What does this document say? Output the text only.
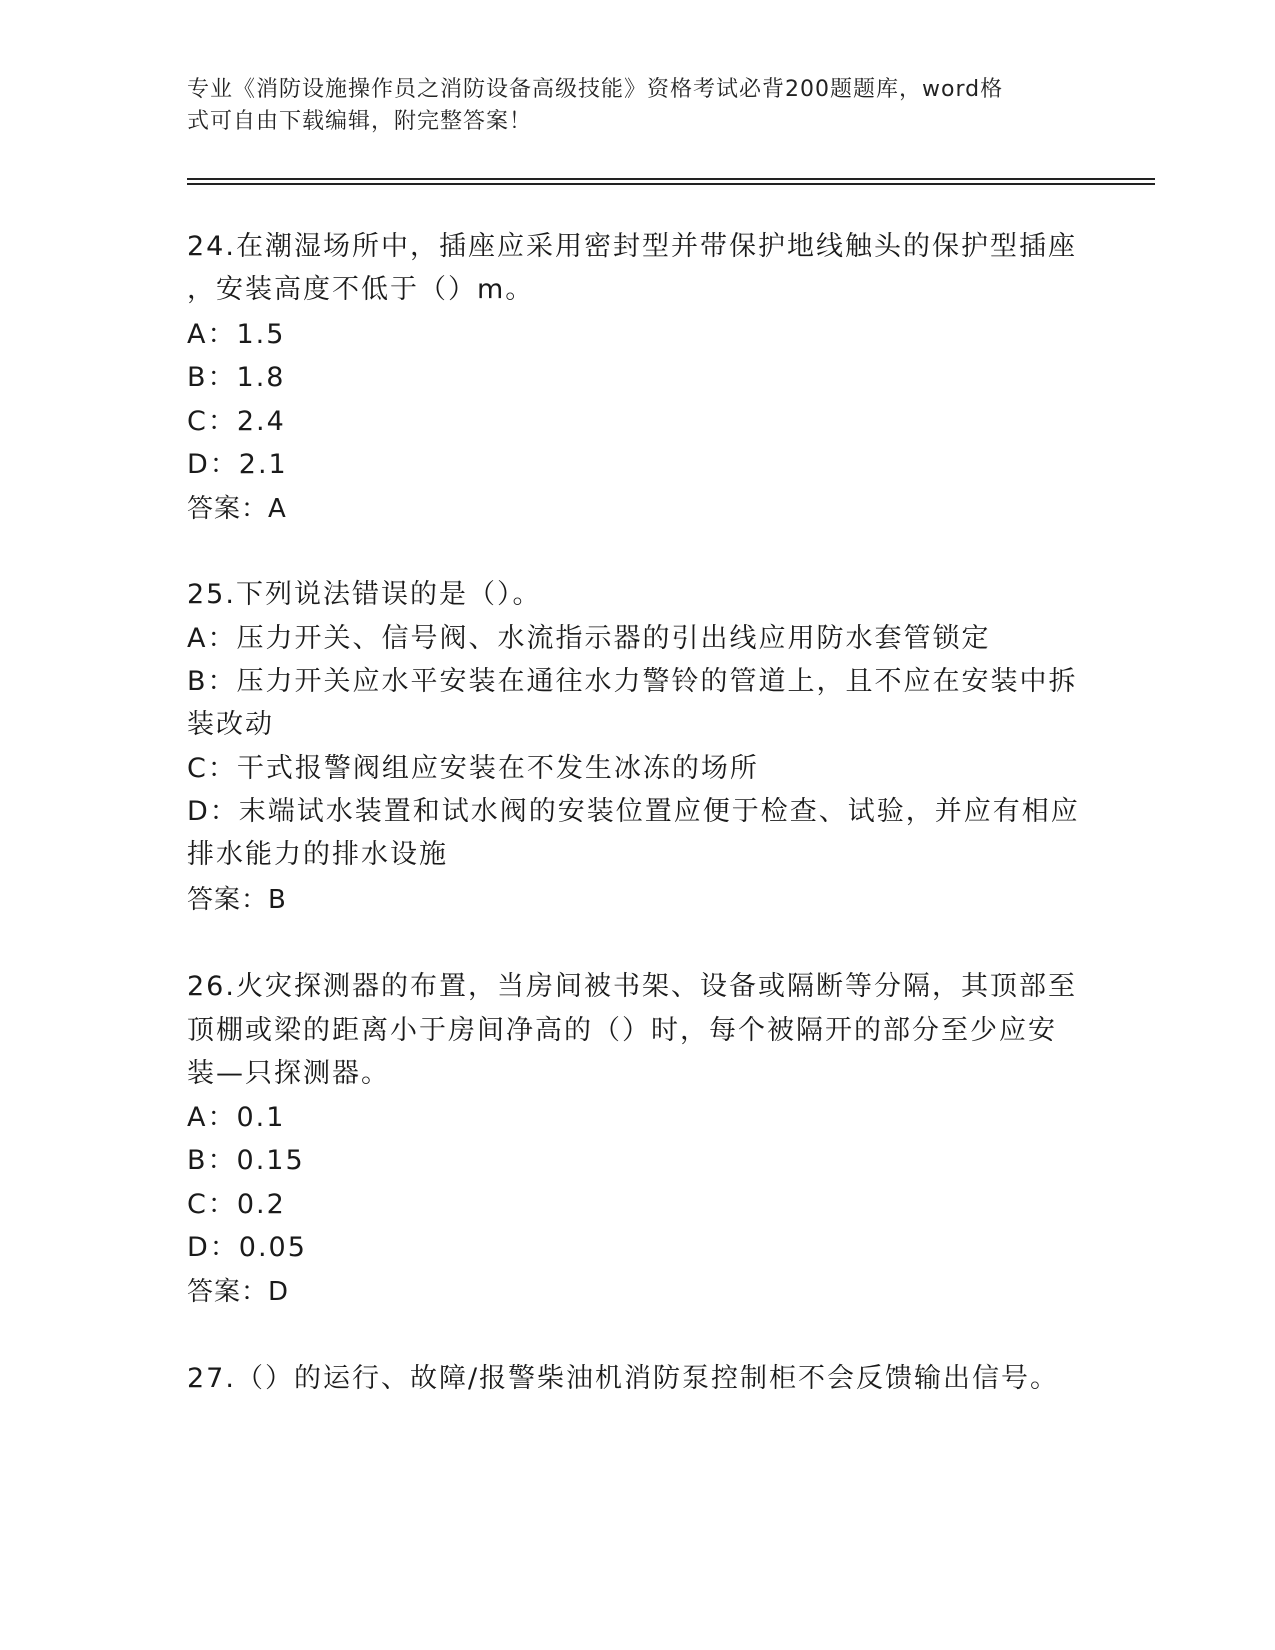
专业《消防设施操作员之消防设备高级技能》资格考试必背200题题库，word格
式可自由下载编辑，附完整答案！
24.在潮湿场所中，插座应采用密封型并带保护地线触头的保护型插座
，安装高度不低于（）m。
A：1.5
B：1.8
C：2.4
D：2.1
答案：A
25.下列说法错误的是（）。
A：压力开关、信号阀、水流指示器的引出线应用防水套管锁定
B：压力开关应水平安装在通往水力警铃的管道上，且不应在安装中拆
装改动
C：干式报警阀组应安装在不发生冰冻的场所
D：末端试水装置和试水阀的安装位置应便于检查、试验，并应有相应
排水能力的排水设施
答案：B
26.火灾探测器的布置，当房间被书架、设备或隔断等分隔，其顶部至
顶棚或梁的距离小于房间净高的（）时，每个被隔开的部分至少应安
装—只探测器。
A：0.1
B：0.15
C：0.2
D：0.05
答案：D
27.（）的运行、故障/报警柴油机消防泵控制柜不会反馈输出信号。
